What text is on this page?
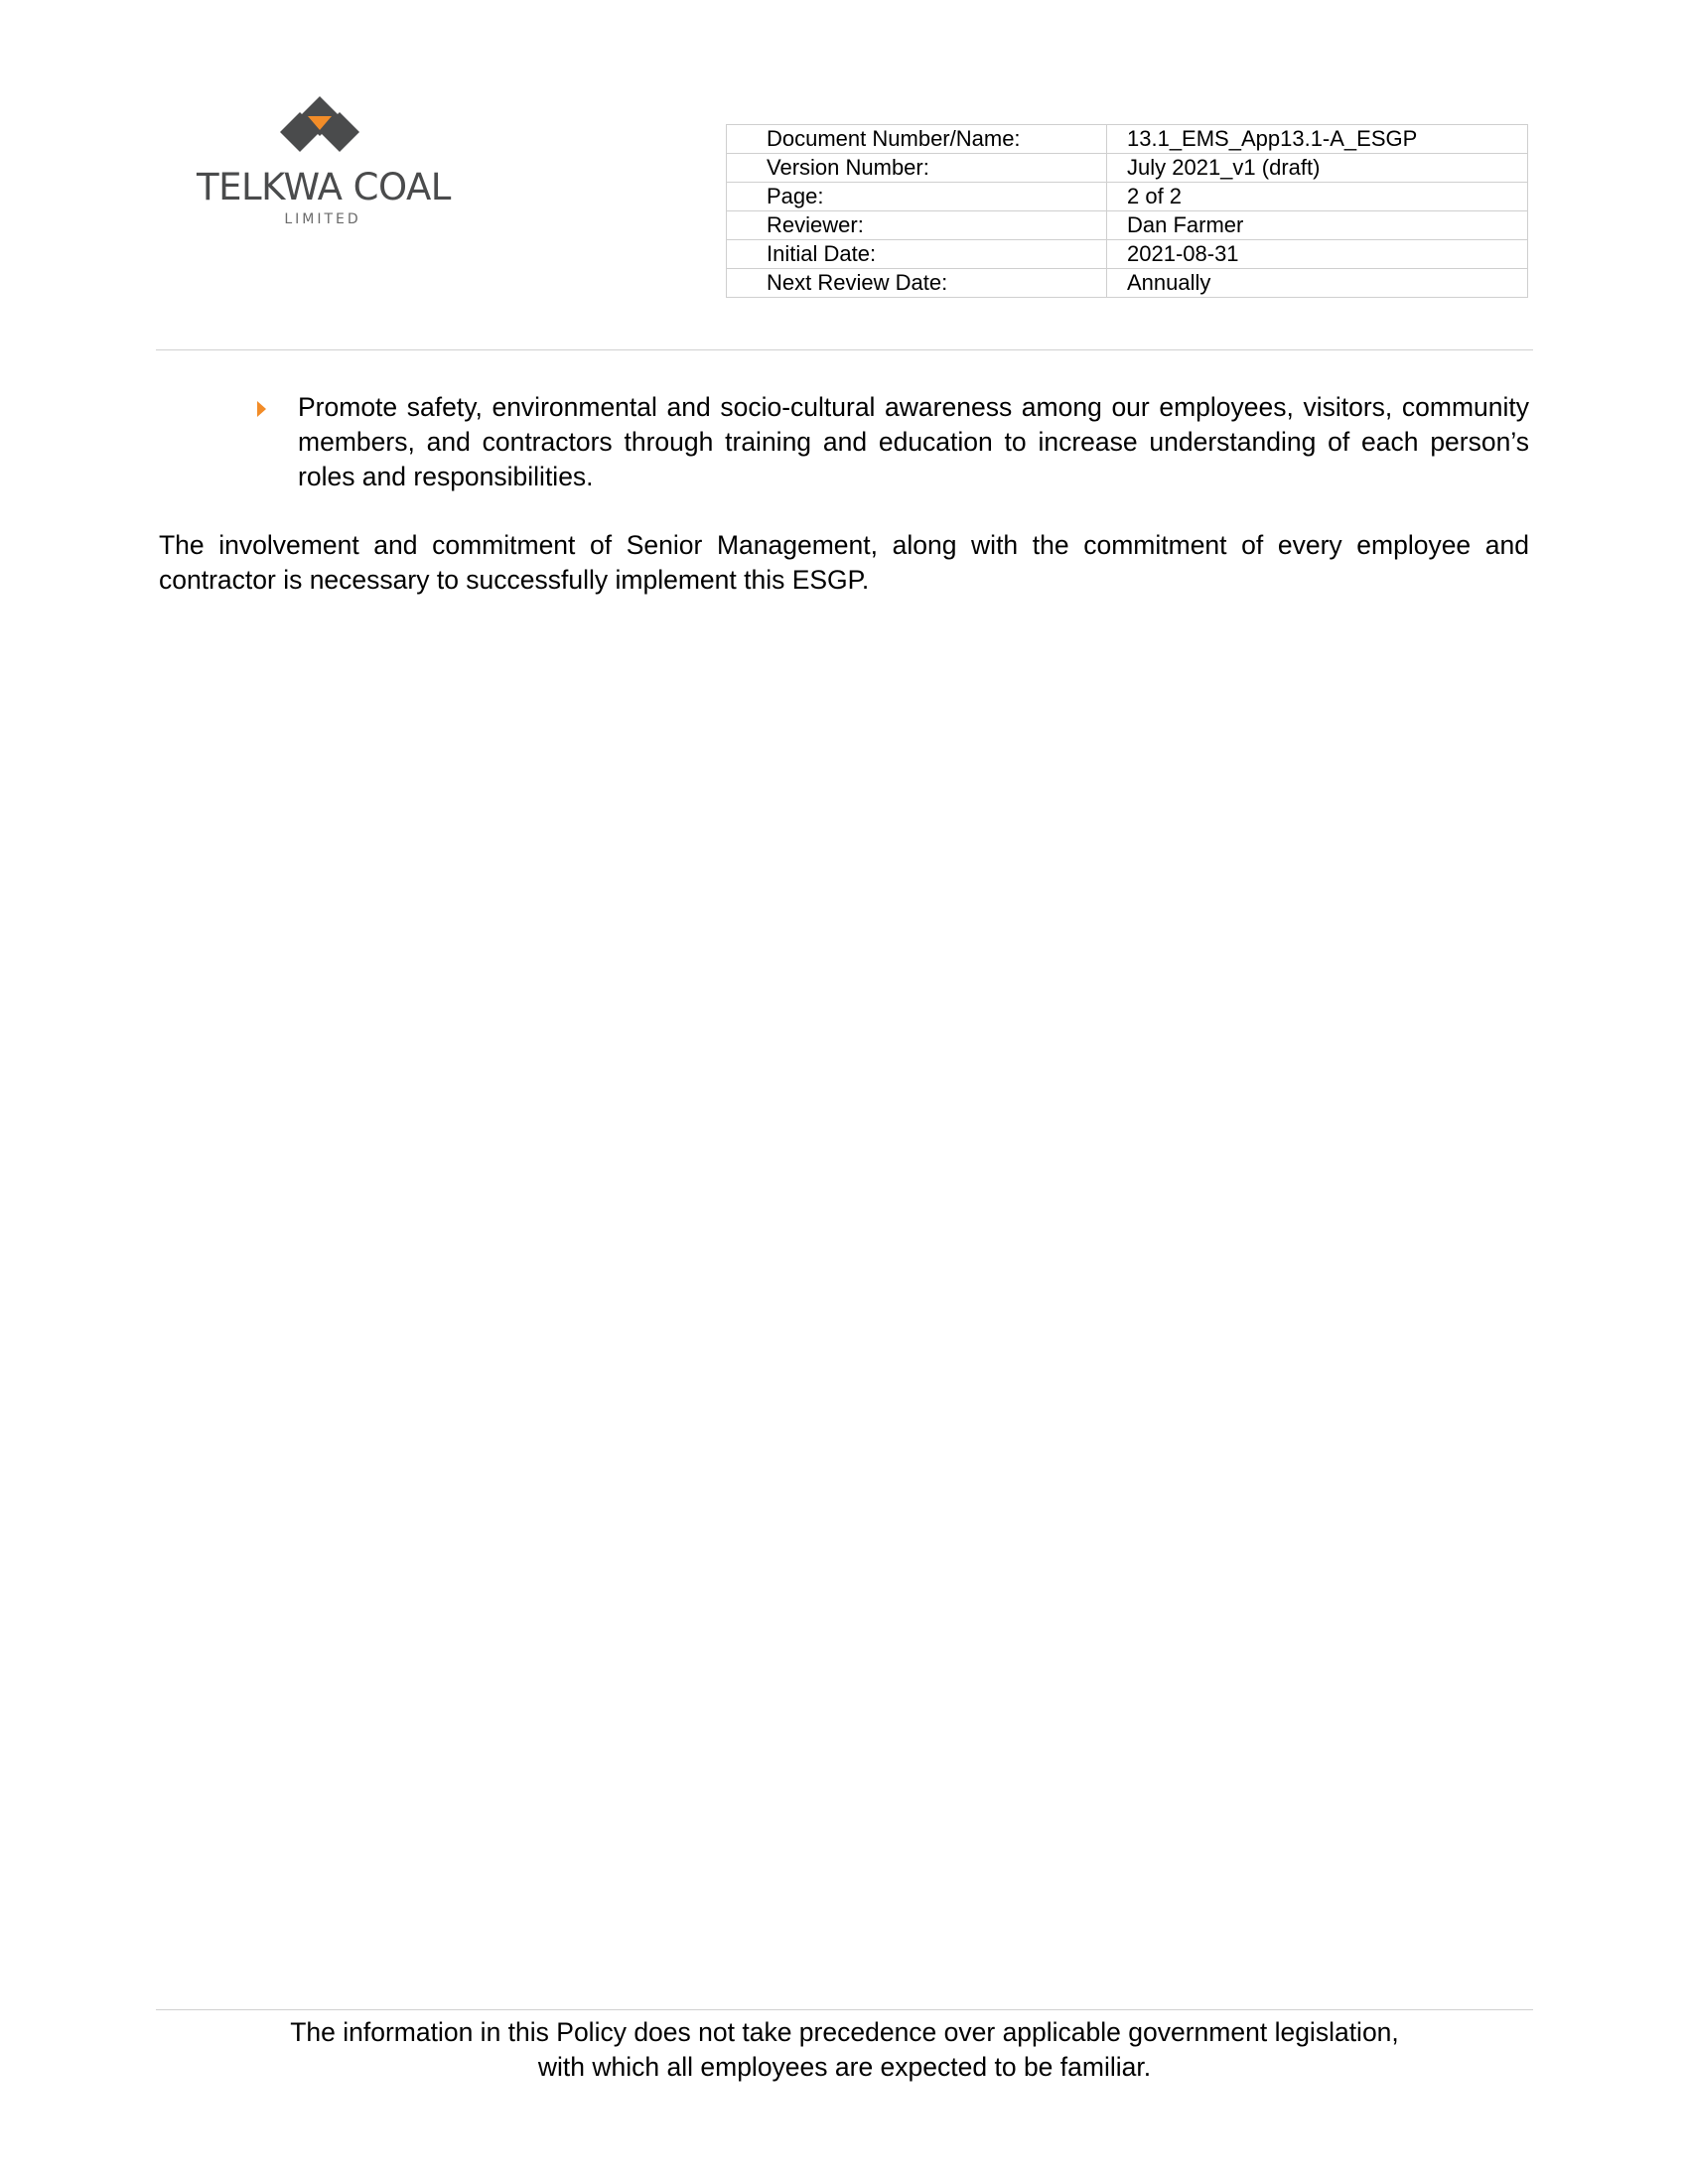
TELKWA COAL
LIMITED
Document Number/Name:	13.1_EMS_App13.1-A_ESGP
Version Number:	July 2021_v1 (draft)
Page:	2 of 2
Reviewer:	Dan Farmer
Initial Date:	2021-08-31
Next Review Date:	Annually
Promote safety, environmental and socio-cultural awareness among our employees, visitors, community members, and contractors through training and education to increase understanding of each person’s roles and responsibilities.
The involvement and commitment of Senior Management, along with the commitment of every employee and contractor is necessary to successfully implement this ESGP.
The information in this Policy does not take precedence over applicable government legislation,
with which all employees are expected to be familiar.
